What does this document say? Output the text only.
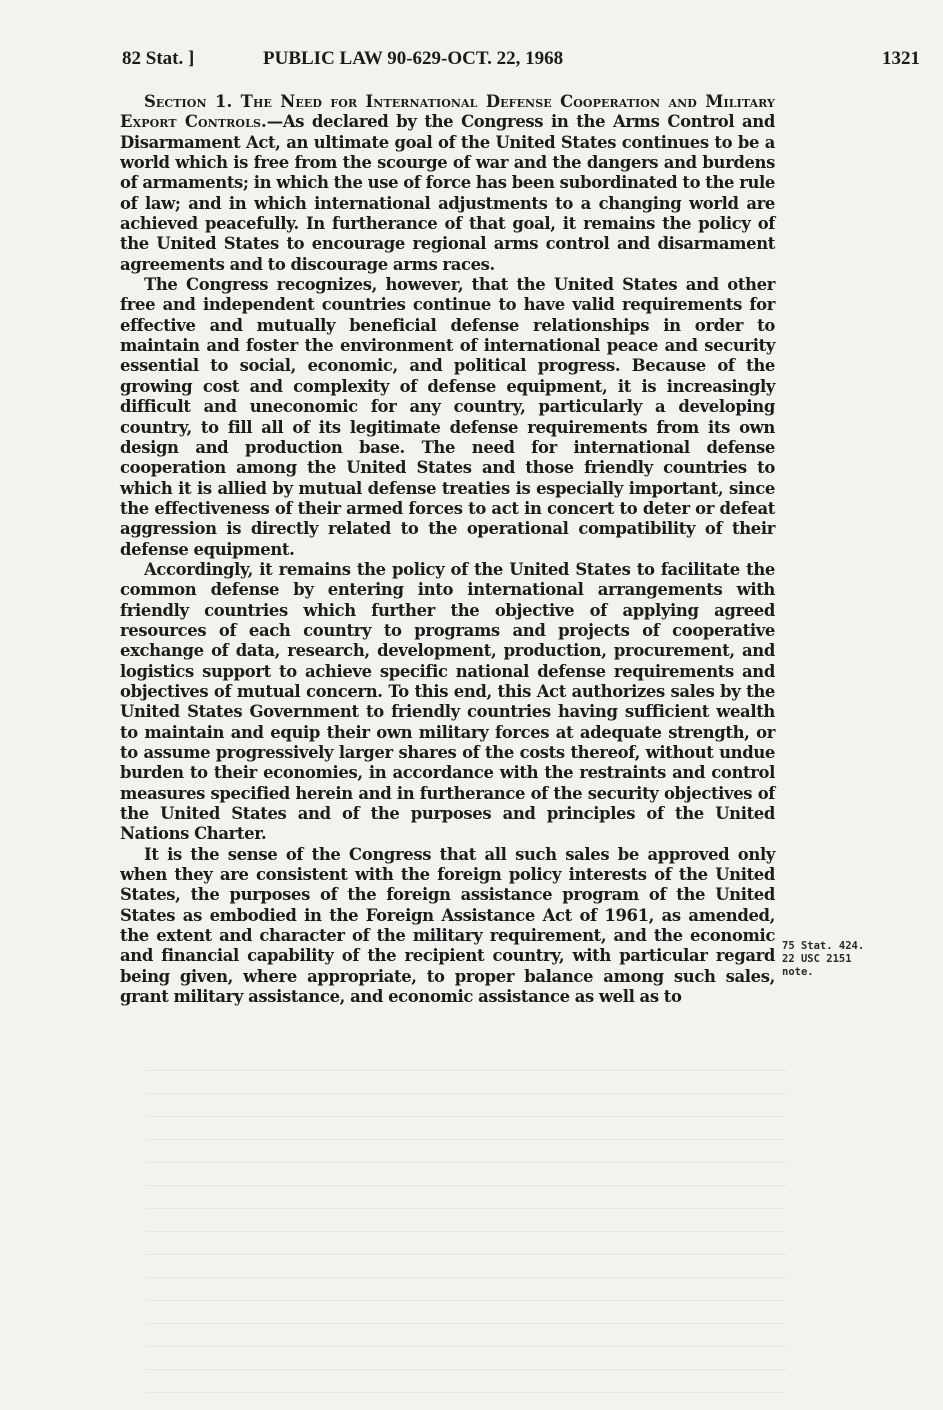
82 Stat. ]	PUBLIC LAW 90-629-OCT. 22, 1968	1321

Section 1. The Need for International Defense Cooperation and Military Export Controls.—As declared by the Congress in the Arms Control and Disarmament Act, an ultimate goal of the United States continues to be a world which is free from the scourge of war and the dangers and burdens of armaments; in which the use of force has been subordinated to the rule of law; and in which international adjustments to a changing world are achieved peacefully. In furtherance of that goal, it remains the policy of the United States to encourage regional arms control and disarmament agreements and to discourage arms races.

The Congress recognizes, however, that the United States and other free and independent countries continue to have valid requirements for effective and mutually beneficial defense relationships in order to maintain and foster the environment of international peace and security essential to social, economic, and political progress. Because of the growing cost and complexity of defense equipment, it is increasingly difficult and uneconomic for any country, particularly a developing country, to fill all of its legitimate defense requirements from its own design and production base. The need for international defense cooperation among the United States and those friendly countries to which it is allied by mutual defense treaties is especially important, since the effectiveness of their armed forces to act in concert to deter or defeat aggression is directly related to the operational compatibility of their defense equipment.

Accordingly, it remains the policy of the United States to facilitate the common defense by entering into international arrangements with friendly countries which further the objective of applying agreed resources of each country to programs and projects of cooperative exchange of data, research, development, production, procurement, and logistics support to achieve specific national defense requirements and objectives of mutual concern. To this end, this Act authorizes sales by the United States Government to friendly countries having sufficient wealth to maintain and equip their own military forces at adequate strength, or to assume progressively larger shares of the costs thereof, without undue burden to their economies, in accordance with the restraints and control measures specified herein and in furtherance of the security objectives of the United States and of the purposes and principles of the United Nations Charter.

It is the sense of the Congress that all such sales be approved only when they are consistent with the foreign policy interests of the United States, the purposes of the foreign assistance program of the United States as embodied in the Foreign Assistance Act of 1961, as amended, the extent and character of the military requirement, and the economic and financial capability of the recipient country, with particular regard being given, where appropriate, to proper balance among such sales, grant military assistance, and economic assistance as well as to

75 Stat. 424.
22 USC 2151
note.
